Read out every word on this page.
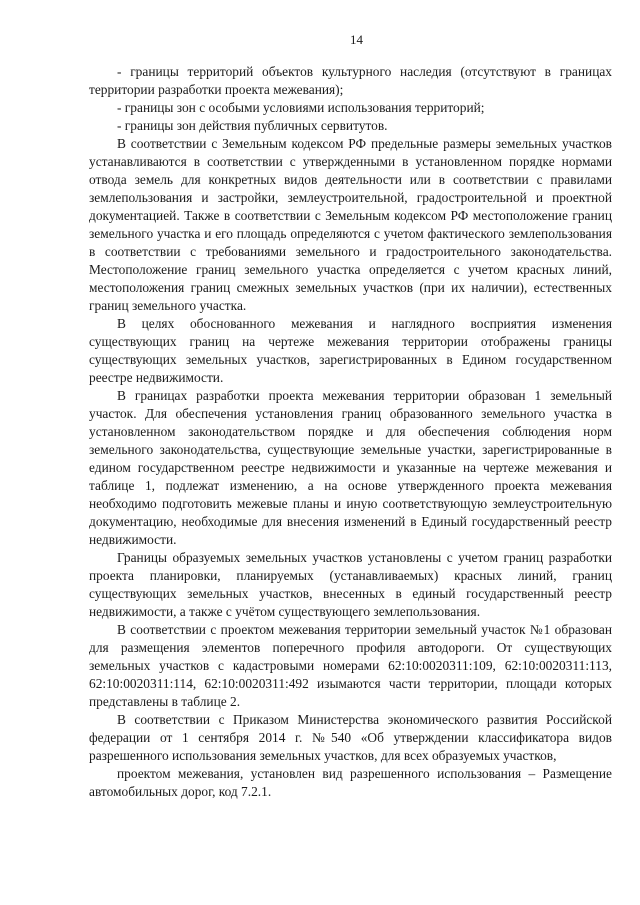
14

- границы территорий объектов культурного наследия (отсутствуют в границах территории разработки проекта межевания);

- границы зон с особыми условиями использования территорий;

- границы зон действия публичных сервитутов.

В соответствии с Земельным кодексом РФ предельные размеры земельных участков устанавливаются в соответствии с утвержденными в установленном порядке нормами отвода земель для конкретных видов деятельности или в соответствии с правилами землепользования и застройки, землеустроительной, градостроительной и проектной документацией. Также в соответствии с Земельным кодексом РФ местоположение границ земельного участка и его площадь определяются с учетом фактического землепользования в соответствии с требованиями земельного и градостроительного законодательства. Местоположение границ земельного участка определяется с учетом красных линий, местоположения границ смежных земельных участков (при их наличии), естественных границ земельного участка.

В целях обоснованного межевания и наглядного восприятия изменения существующих границ на чертеже межевания территории отображены границы существующих земельных участков, зарегистрированных в Едином государственном реестре недвижимости.

В границах разработки проекта межевания территории образован 1 земельный участок. Для обеспечения установления границ образованного земельного участка в установленном законодательством порядке и для обеспечения соблюдения норм земельного законодательства, существующие земельные участки, зарегистрированные в едином государственном реестре недвижимости и указанные на чертеже межевания и таблице 1, подлежат изменению, а на основе утвержденного проекта межевания необходимо подготовить межевые планы и иную соответствующую землеустроительную документацию, необходимые для внесения изменений в Единый государственный реестр недвижимости.

Границы образуемых земельных участков установлены с учетом границ разработки проекта планировки, планируемых (устанавливаемых) красных линий, границ существующих земельных участков, внесенных в единый государственный реестр недвижимости, а также с учётом существующего землепользования.

В соответствии с проектом межевания территории земельный участок №1 образован для размещения элементов поперечного профиля автодороги. От существующих земельных участков с кадастровыми номерами 62:10:0020311:109, 62:10:0020311:113, 62:10:0020311:114, 62:10:0020311:492 изымаются части территории, площади которых представлены в таблице 2.

В соответствии с Приказом Министерства экономического развития Российской федерации от 1 сентября 2014 г. №540 «Об утверждении классификатора видов разрешенного использования земельных участков, для всех образуемых участков,

проектом межевания, установлен вид разрешенного использования – Размещение автомобильных дорог, код 7.2.1.
